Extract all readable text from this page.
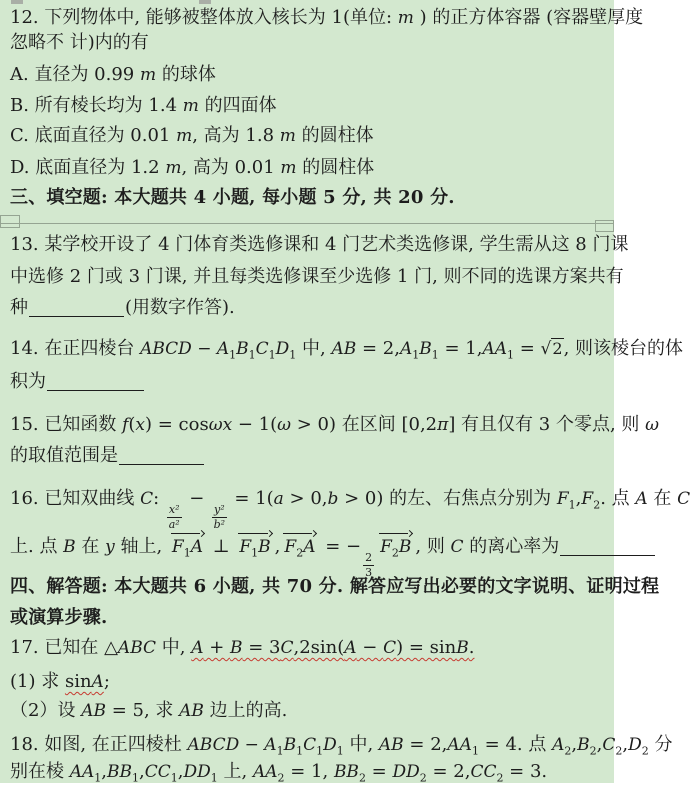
12. 下列物体中, 能够被整体放入核长为 1(单位: m ) 的正方体容器 (容器壁厚度
忽略不 计)内的有
A. 直径为 0.99 m 的球体
B. 所有棱长均为 1.4 m 的四面体
C. 底面直径为 0.01 m, 高为 1.8 m 的圆柱体
D. 底面直径为 1.2 m, 高为 0.01 m 的圆柱体
三、填空题: 本大题共 4 小题, 每小题 5 分, 共 20 分.
13. 某学校开设了 4 门体育类选修课和 4 门艺术类选修课, 学生需从这 8 门课
中选修 2 门或 3 门课, 并且每类选修课至少选修 1 门, 则不同的选课方案共有
种	(用数字作答).
14. 在正四棱台 ABCD − $A_1B_1C_1D_1$ 中, AB = $2,A_1B_1 = 1,AA_1 = √2$, 则该棱台的体
积为
15. 已知函数 f(x) = cosωx − 1(ω > 0) 在区间 [0,2π] 有且仅有 3 个零点, 则 ω
的取值范围是
16. 已知双曲线 C:
$\frac{\text{x²}}{\text{a²}}$
−
$\frac{\text{y²}}{\text{b²}}$
= 1(a > 0,b > 0) 的左、右焦点分别为 $F_1,F_2$. 点 A 在 C
上. 点 B 在 y 轴上, $F_1A$ ⊥ $F_1B$ , $F_2A$ = −
$\frac{2}{3}$
$F_2B$ , 则 C 的离心率为
四、解答题: 本大题共 6 小题, 共 70 分. 解答应写出必要的文字说明、证明过程
或演算步骤.
17. 已知在 △ABC 中, A + B = 3C,2sin(A − C) = sinB.
(1) 求 sinA;
（2）设 AB = 5, 求 AB 边上的高.
18. 如图, 在正四棱杜 ABCD − $A_1B_1C_1D_1$ 中, AB = $2,AA_1 = 4$. 点 $A_2,B_2,C_2,D_2$ 分
别在棱 $AA_1,BB_1,CC_1,DD_1$ 上, $AA_2 = 1$, $BB_2 = DD_2 = 2,CC_2 = 3$.
